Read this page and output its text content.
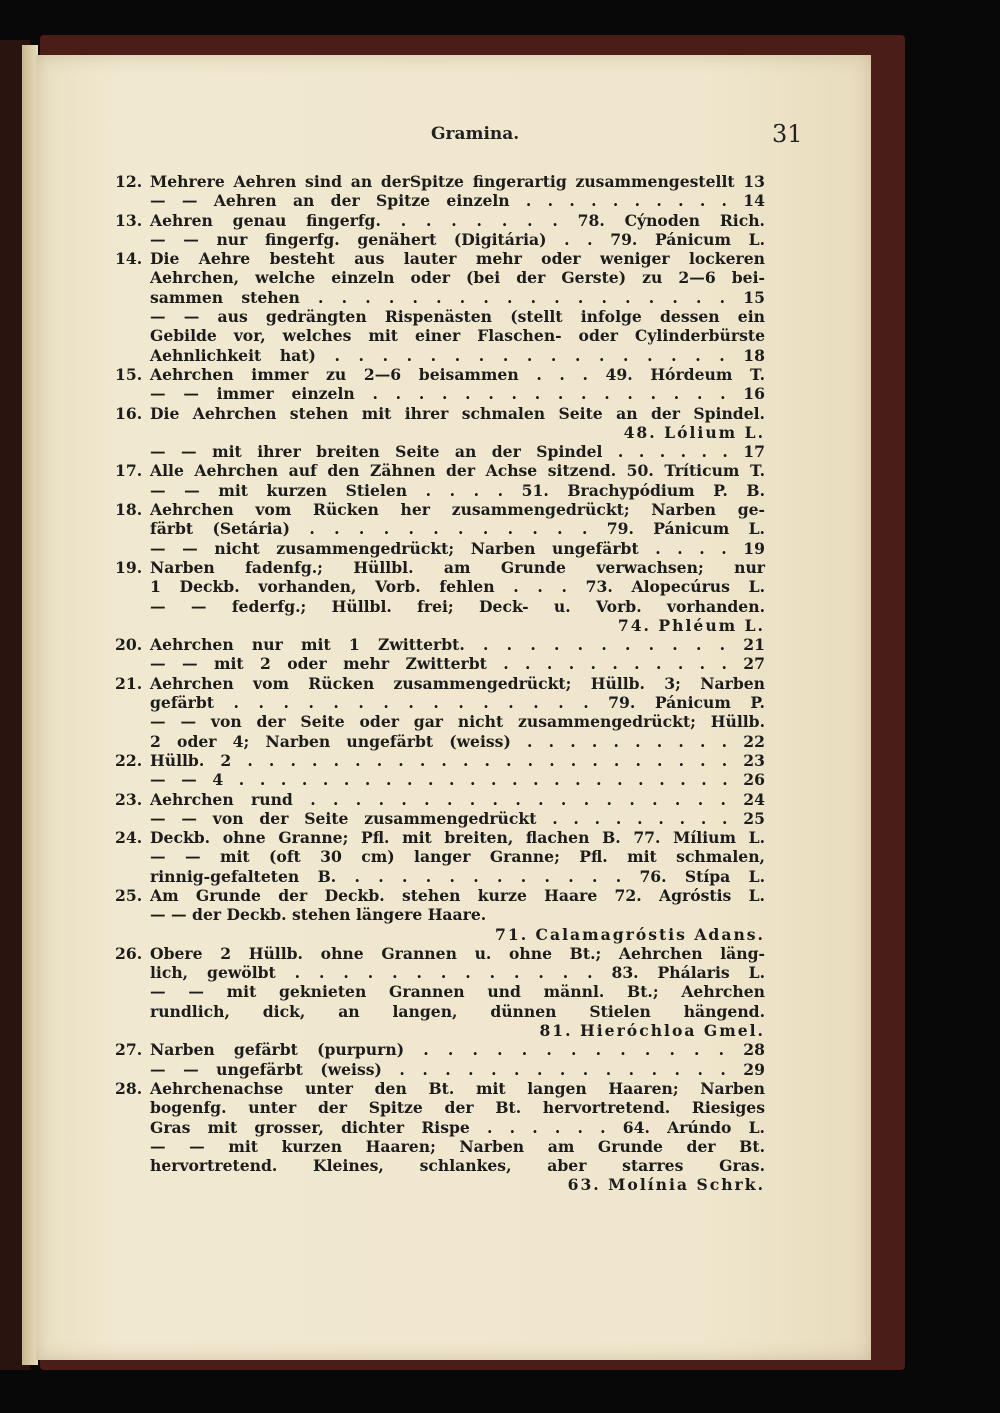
Gramina.	31
12. Mehrere Aehren sind an derSpitze fingerartig zusammengestellt 13
— — Aehren an der Spitze einzeln . . . . . . . . . . 14
13. Aehren genau fingerfg. . . . . . . . 78. Cýnoden Rich.
— — nur fingerfg. genähert (Digitária) . . 79. Pánicum L.
14. Die Aehre besteht aus lauter mehr oder weniger lockeren
Aehrchen, welche einzeln oder (bei der Gerste) zu 2—6 bei-
sammen stehen . . . . . . . . . . . . . . . . . . 15
— — aus gedrängten Rispenästen (stellt infolge dessen ein
Gebilde vor, welches mit einer Flaschen- oder Cylinderbürste
Aehnlichkeit hat) . . . . . . . . . . . . . . . . . 18
15. Aehrchen immer zu 2—6 beisammen . . . 49. Hórdeum T.
— — immer einzeln . . . . . . . . . . . . . . . . 16
16. Die Aehrchen stehen mit ihrer schmalen Seite an der Spindel.
48. Lólium L.
— — mit ihrer breiten Seite an der Spindel . . . . . . 17
17. Alle Aehrchen auf den Zähnen der Achse sitzend. 50. Tríticum T.
— — mit kurzen Stielen . . . . 51. Brachypódium P. B.
18. Aehrchen vom Rücken her zusammengedrückt; Narben ge-
färbt (Setária) . . . . . . . . . . . . 79. Pánicum L.
— — nicht zusammengedrückt; Narben ungefärbt . . . . 19
19. Narben fadenfg.; Hüllbl. am Grunde verwachsen; nur
1 Deckb. vorhanden, Vorb. fehlen . . . 73. Alopecúrus L.
— — federfg.; Hüllbl. frei; Deck- u. Vorb. vorhanden.
74. Phléum L.
20. Aehrchen nur mit 1 Zwitterbt. . . . . . . . . . . . 21
— — mit 2 oder mehr Zwitterbt . . . . . . . . . . . 27
21. Aehrchen vom Rücken zusammengedrückt; Hüllb. 3; Narben
gefärbt . . . . . . . . . . . . . . . 79. Pánicum P.
— — von der Seite oder gar nicht zusammengedrückt; Hüllb.
2 oder 4; Narben ungefärbt (weiss) . . . . . . . . . . 22
22. Hüllb. 2 . . . . . . . . . . . . . . . . . . . . . . . 23
— — 4 . . . . . . . . . . . . . . . . . . . . . . . . 26
23. Aehrchen rund . . . . . . . . . . . . . . . . . . . 24
— — von der Seite zusammengedrückt . . . . . . . . . 25
24. Deckb. ohne Granne; Pfl. mit breiten, flachen B. 77. Mílium L.
— — mit (oft 30 cm) langer Granne; Pfl. mit schmalen,
rinnig-gefalteten B. . . . . . . . . . . . . 76. Stípa L.
25. Am Grunde der Deckb. stehen kurze Haare 72. Agróstis L.
— — der Deckb. stehen längere Haare.
71. Calamagróstis Adans.
26. Obere 2 Hüllb. ohne Grannen u. ohne Bt.; Aehrchen läng-
lich, gewölbt . . . . . . . . . . . . . 83. Phálaris L.
— — mit geknieten Grannen und männl. Bt.; Aehrchen
rundlich, dick, an langen, dünnen Stielen hängend.
81. Hieróchloa Gmel.
27. Narben gefärbt (purpurn) . . . . . . . . . . . . . 28
— — ungefärbt (weiss) . . . . . . . . . . . . . . . 29
28. Aehrchenachse unter den Bt. mit langen Haaren; Narben
bogenfg. unter der Spitze der Bt. hervortretend. Riesiges
Gras mit grosser, dichter Rispe . . . . . . 64. Arúndo L.
— — mit kurzen Haaren; Narben am Grunde der Bt.
hervortretend. Kleines, schlankes, aber starres Gras.
63. Molínia Schrk.
